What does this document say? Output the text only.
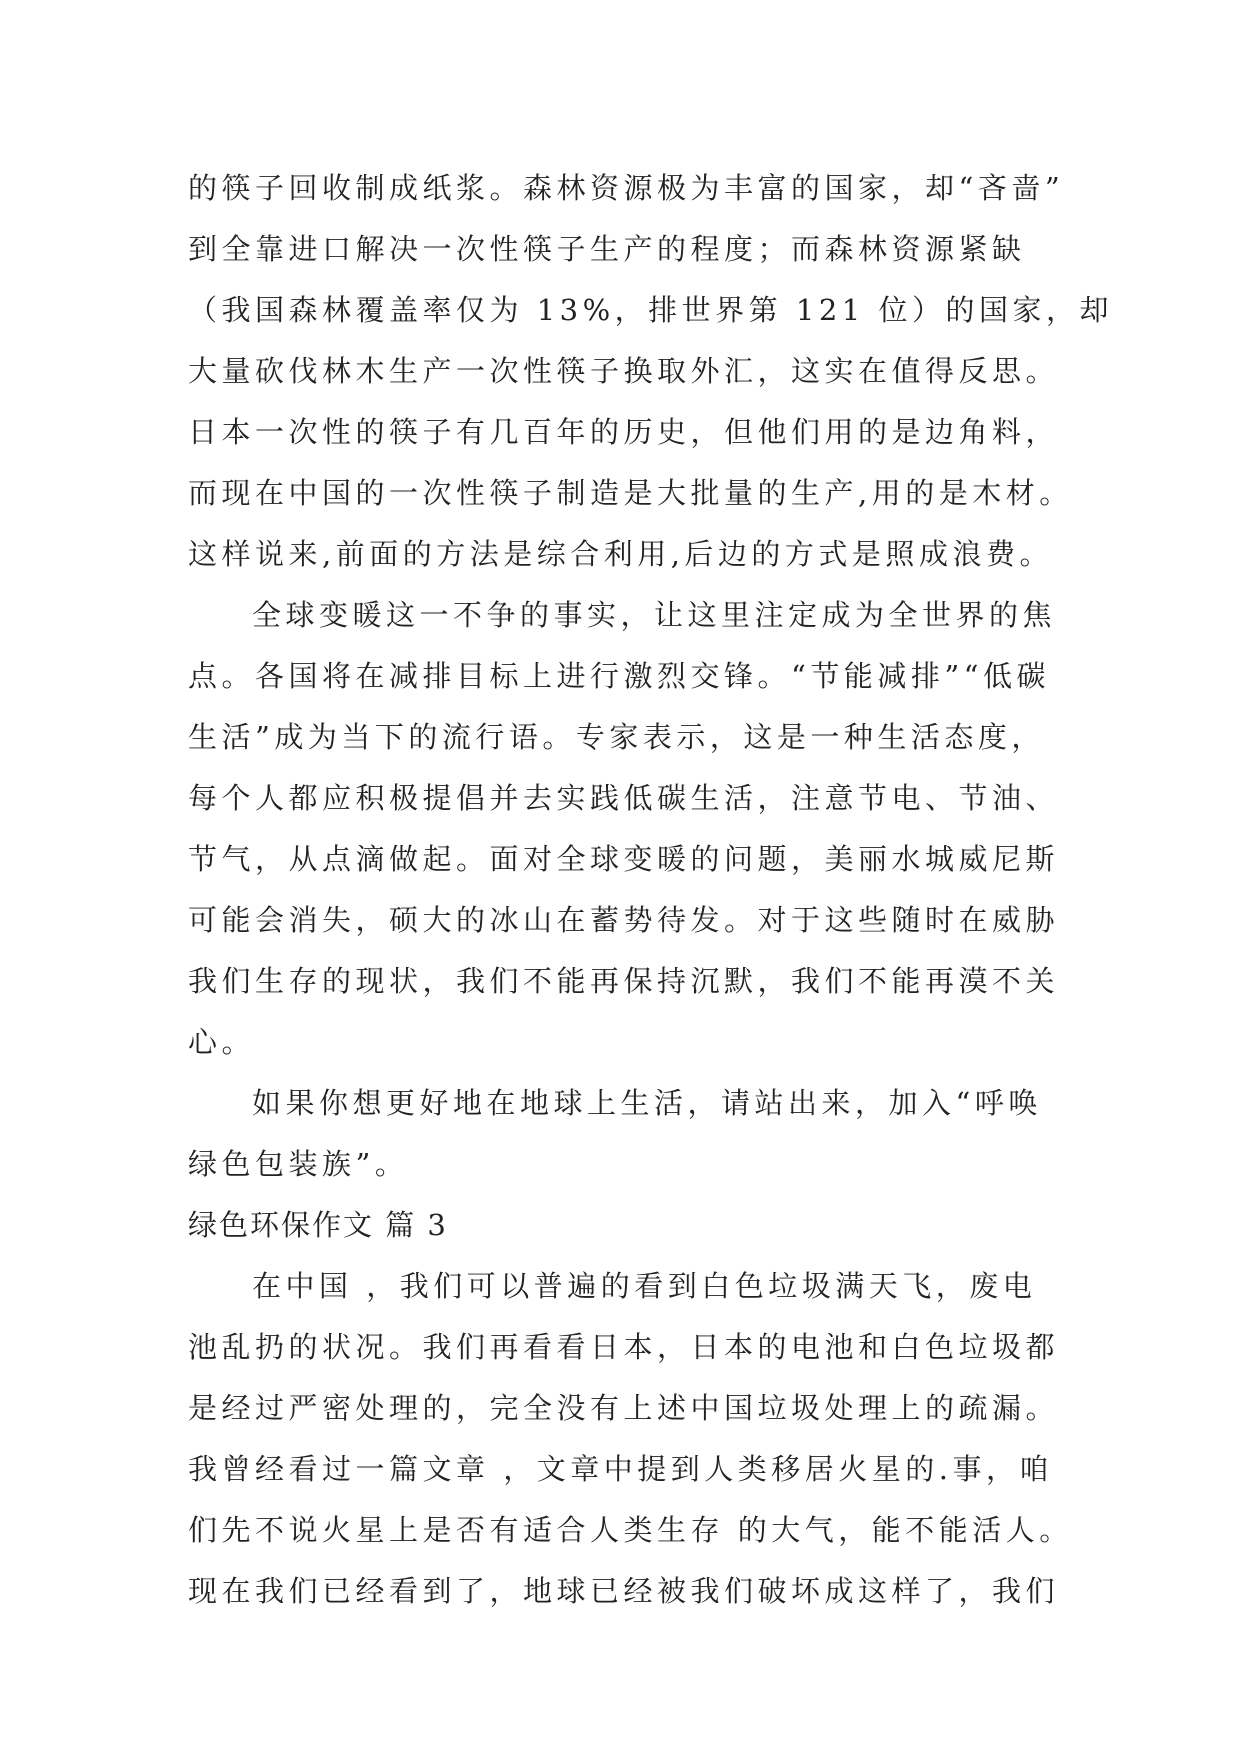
的筷子回收制成纸浆。森林资源极为丰富的国家，却“吝啬”
到全靠进口解决一次性筷子生产的程度；而森林资源紧缺
（我国森林覆盖率仅为 13%，排世界第 121 位）的国家，却
大量砍伐林木生产一次性筷子换取外汇，这实在值得反思。
日本一次性的筷子有几百年的历史，但他们用的是边角料，
而现在中国的一次性筷子制造是大批量的生产,用的是木材。
这样说来,前面的方法是综合利用,后边的方式是照成浪费。
全球变暖这一不争的事实，让这里注定成为全世界的焦
点。各国将在减排目标上进行激烈交锋。“节能减排”“低碳
生活”成为当下的流行语。专家表示，这是一种生活态度，
每个人都应积极提倡并去实践低碳生活，注意节电、节油、
节气，从点滴做起。面对全球变暖的问题，美丽水城威尼斯
可能会消失，硕大的冰山在蓄势待发。对于这些随时在威胁
我们生存的现状，我们不能再保持沉默，我们不能再漠不关
心。
如果你想更好地在地球上生活，请站出来，加入“呼唤
绿色包装族”。
绿色环保作文 篇 3
在中国 ，我们可以普遍的看到白色垃圾满天飞，废电
池乱扔的状况。我们再看看日本，日本的电池和白色垃圾都
是经过严密处理的，完全没有上述中国垃圾处理上的疏漏。
我曾经看过一篇文章 ，文章中提到人类移居火星的.事，咱
们先不说火星上是否有适合人类生存 的大气，能不能活人。
现在我们已经看到了，地球已经被我们破坏成这样了，我们
